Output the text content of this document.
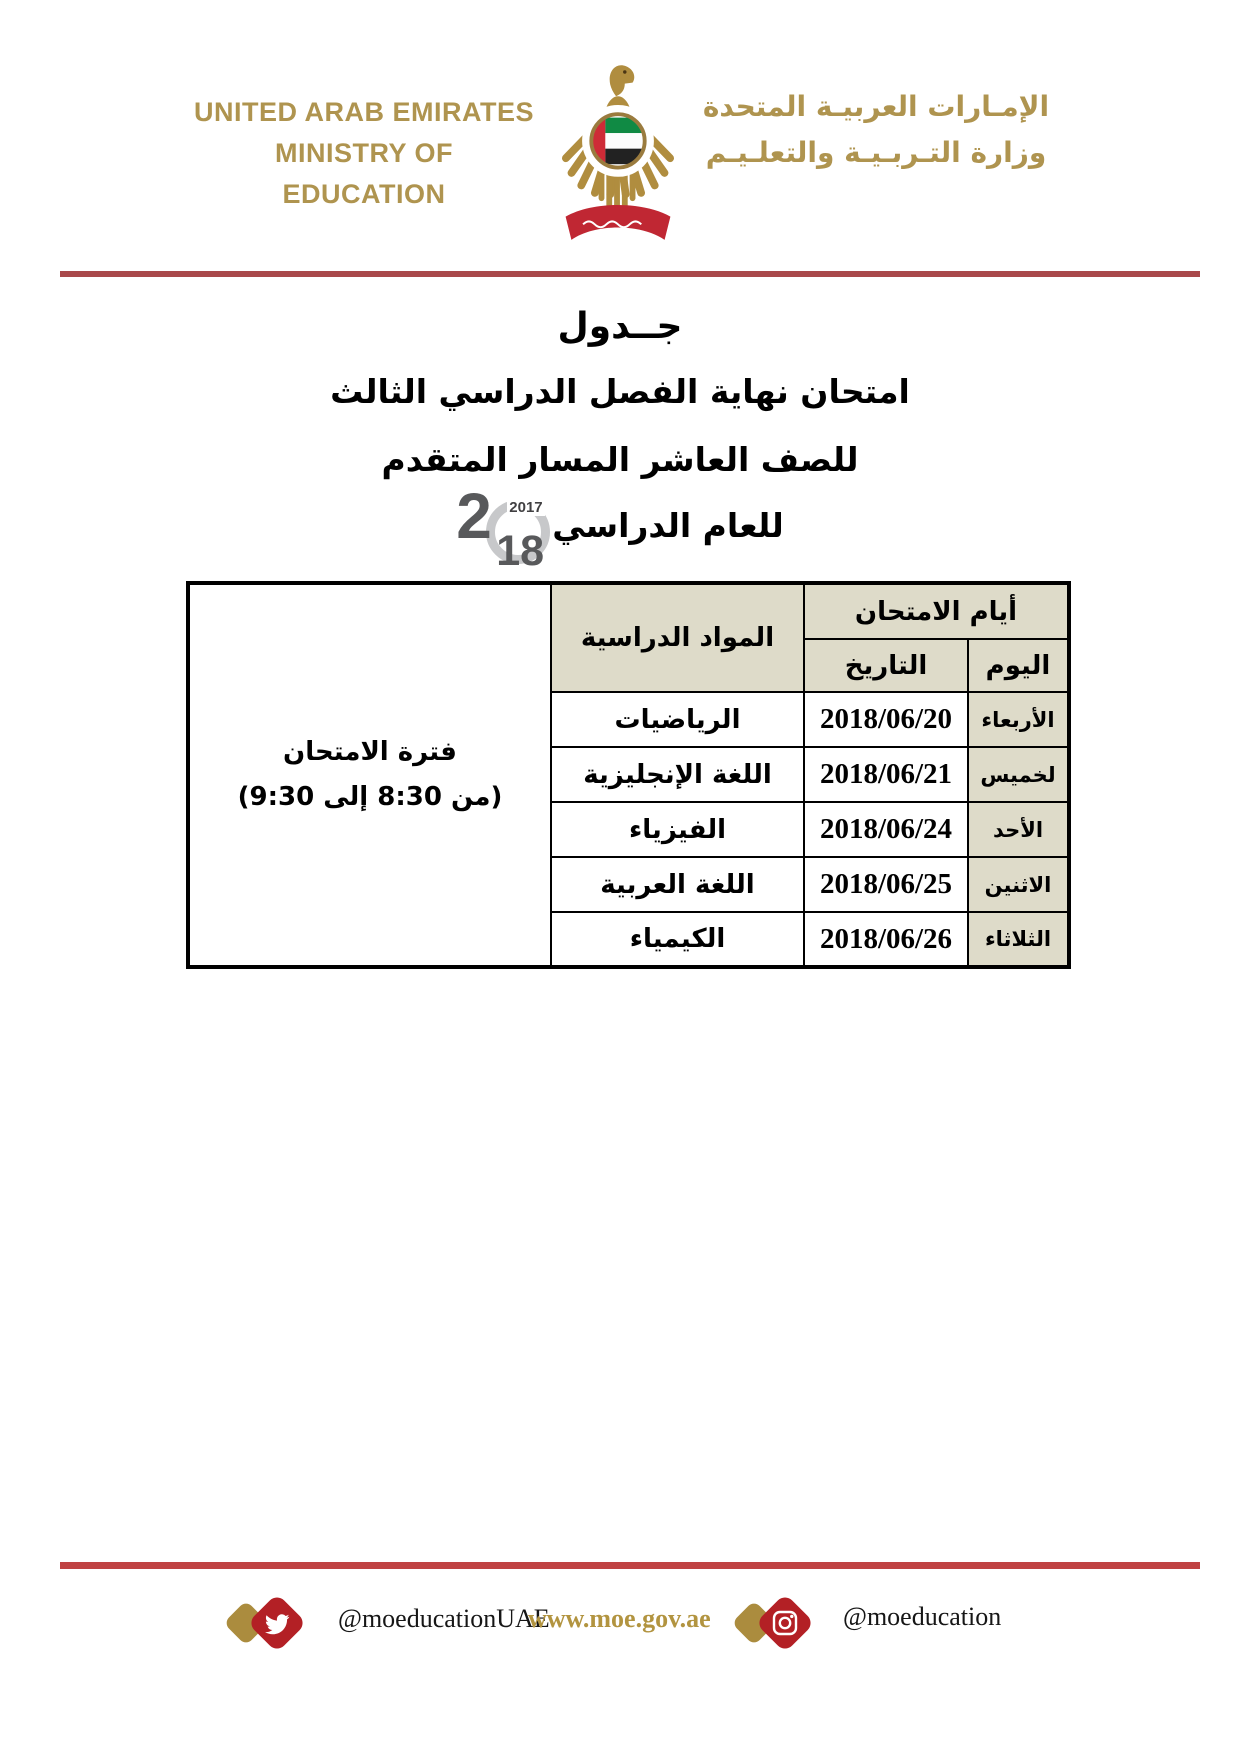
UNITED ARAB EMIRATES
MINISTRY OF EDUCATION
الإمـارات العربيـة المتحدة
وزارة التـربـيـة والتعلـيـم
جــدول
امتحان نهاية الفصل الدراسي الثالث
للصف العاشر المسار المتقدم
2 2017
18
للعام الدراسي
أيام الامتحان		المواد الدراسية	فترة الامتحان
(من 8:30 إلى 9:30)

اليوم	التاريخ		
الأربعاء	2018/06/20	الرياضيات	
لخميس	2018/06/21	اللغة الإنجليزية	
الأحد	2018/06/24	الفيزياء	
الاثنين	2018/06/25	اللغة العربية	
الثلاثاء	2018/06/26	الكيمياء	
@moeducationUAE
www.moe.gov.ae	@moeducation
